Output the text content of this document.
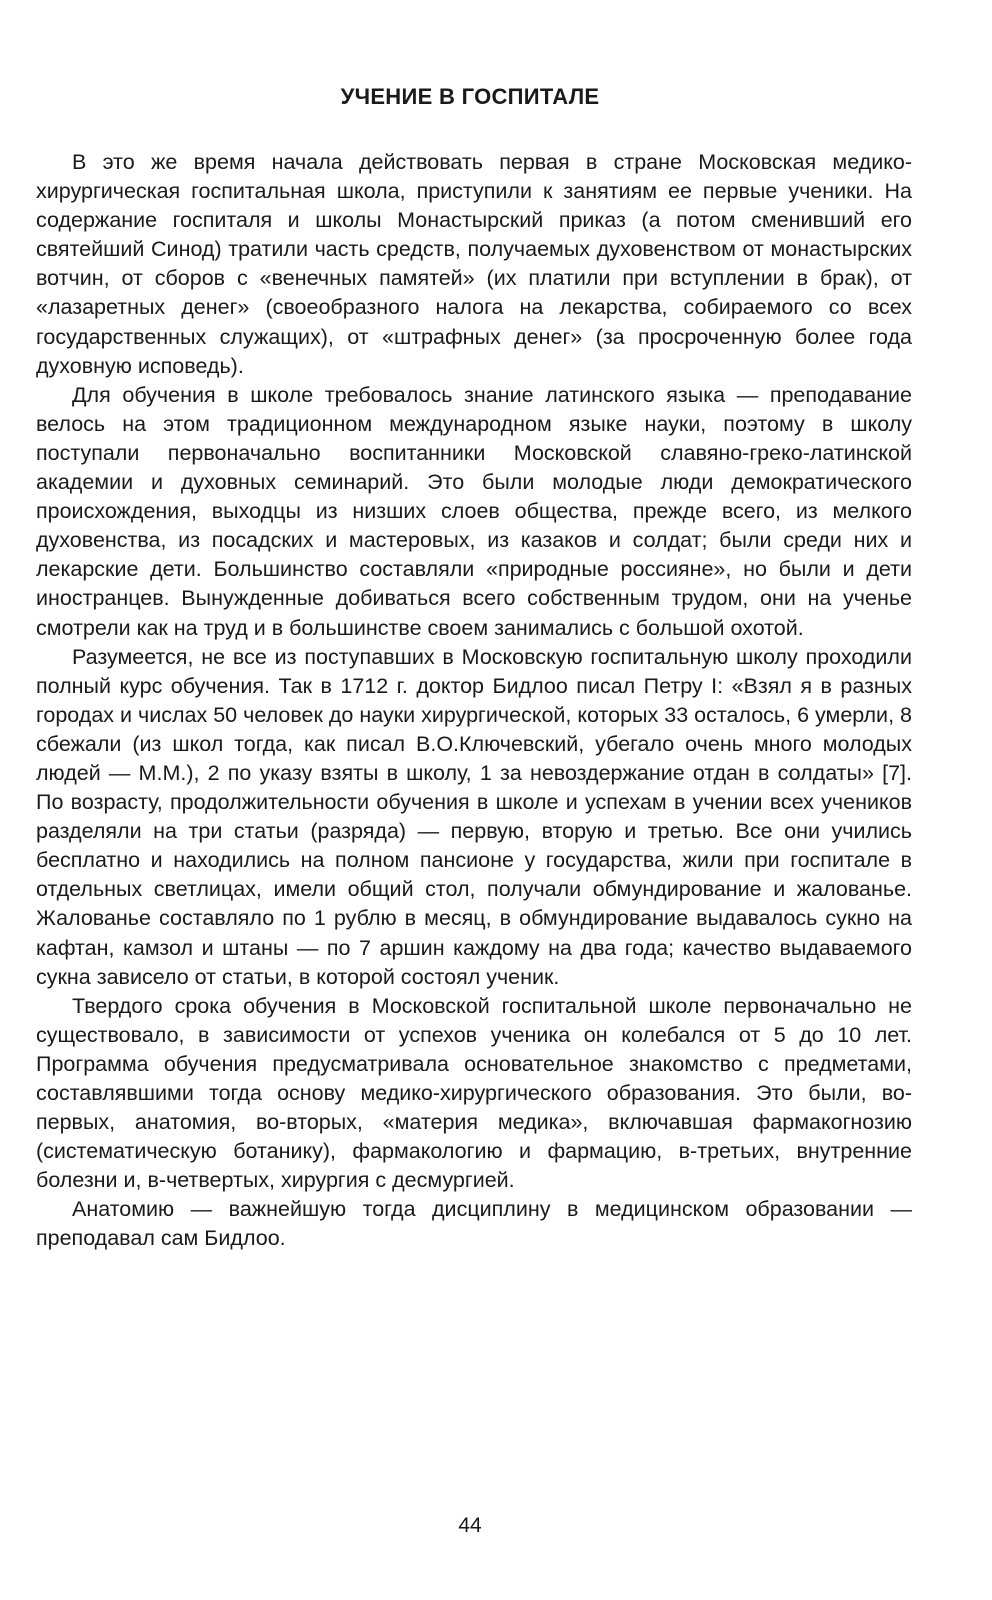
УЧЕНИЕ В ГОСПИТАЛЕ

В это же время начала действовать первая в стране Московская медико-хирургическая госпитальная школа, приступили к занятиям ее первые ученики. На содержание госпиталя и школы Монастырский приказ (а потом сменивший его святейший Синод) тратили часть средств, получаемых духовенством от монастырских вотчин, от сборов с «венечных памятей» (их платили при вступлении в брак), от «лазаретных денег» (своеобразного налога на лекарства, собираемого со всех государственных служащих), от «штрафных денег» (за просроченную более года духовную исповедь).

Для обучения в школе требовалось знание латинского языка — преподавание велось на этом традиционном международном языке науки, поэтому в школу поступали первоначально воспитанники Московской славяно-греко-латинской академии и духовных семинарий. Это были молодые люди демократического происхождения, выходцы из низших слоев общества, прежде всего, из мелкого духовенства, из посадских и мастеровых, из казаков и солдат; были среди них и лекарские дети. Большинство составляли «природные россияне», но были и дети иностранцев. Вынужденные добиваться всего собственным трудом, они на ученье смотрели как на труд и в большинстве своем занимались с большой охотой.

Разумеется, не все из поступавших в Московскую госпитальную школу проходили полный курс обучения. Так в 1712 г. доктор Бидлоо писал Петру I: «Взял я в разных городах и числах 50 человек до науки хирургической, которых 33 осталось, 6 умерли, 8 сбежали (из школ тогда, как писал В.О.Ключевский, убегало очень много молодых людей — М.М.), 2 по указу взяты в школу, 1 за невоздержание отдан в солдаты» [7]. По возрасту, продолжительности обучения в школе и успехам в учении всех учеников разделяли на три статьи (разряда) — первую, вторую и третью. Все они учились бесплатно и находились на полном пансионе у государства, жили при госпитале в отдельных светлицах, имели общий стол, получали обмундирование и жалованье. Жалованье составляло по 1 рублю в месяц, в обмундирование выдавалось сукно на кафтан, камзол и штаны — по 7 аршин каждому на два года; качество выдаваемого сукна зависело от статьи, в которой состоял ученик.

Твердого срока обучения в Московской госпитальной школе первоначально не существовало, в зависимости от успехов ученика он колебался от 5 до 10 лет. Программа обучения предусматривала основательное знакомство с предметами, составлявшими тогда основу медико-хирургического образования. Это были, во-первых, анатомия, во-вторых, «материя медика», включавшая фармакогнозию (систематическую ботанику), фармакологию и фармацию, в-третьих, внутренние болезни и, в-четвертых, хирургия с десмургией.

Анатомию — важнейшую тогда дисциплину в медицинском образовании — преподавал сам Бидлоо.

44
